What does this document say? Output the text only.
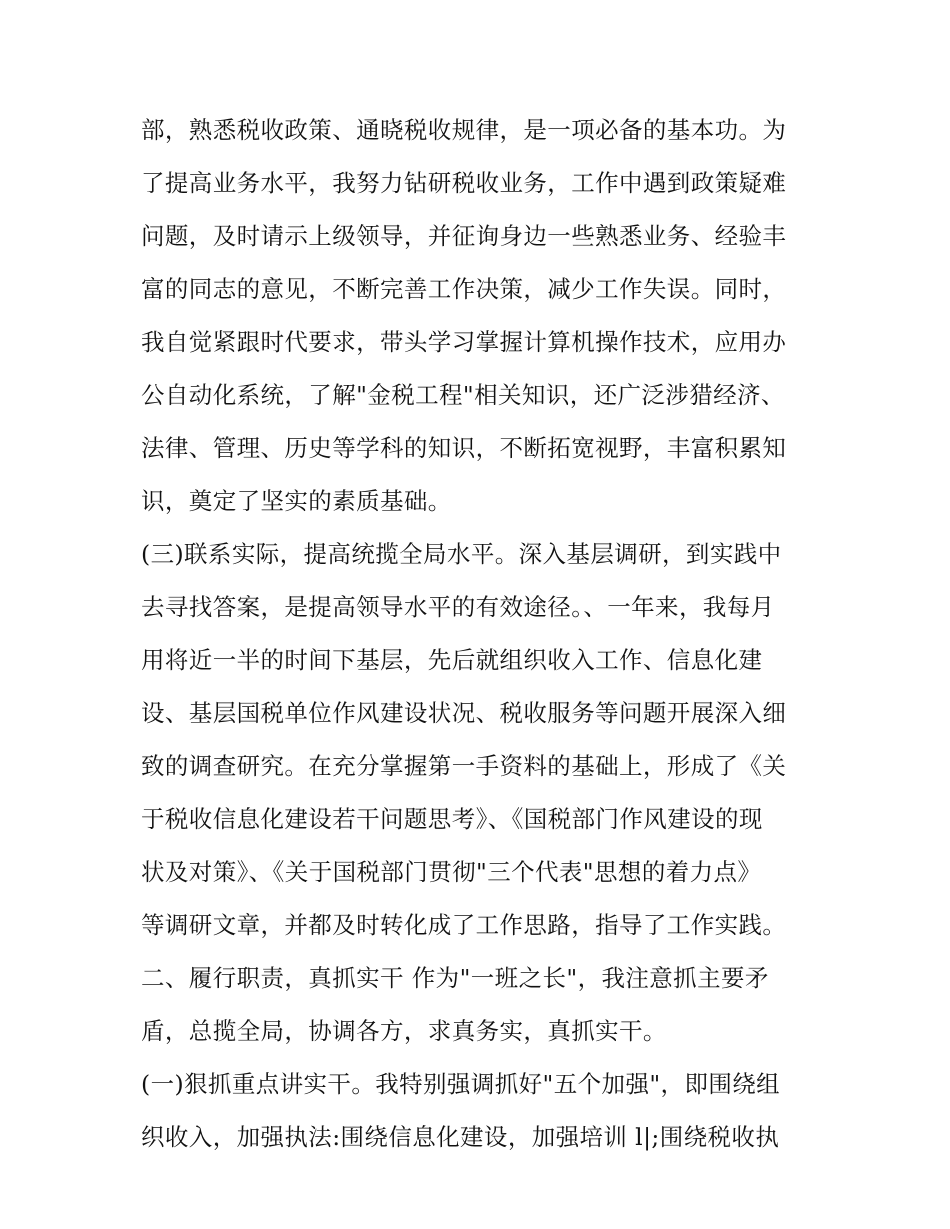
部，熟悉税收政策、通晓税收规律，是一项必备的基本功。为
了提高业务水平，我努力钻研税收业务，工作中遇到政策疑难
问题，及时请示上级领导，并征询身边一些熟悉业务、经验丰
富的同志的意见，不断完善工作决策，减少工作失误。同时，
我自觉紧跟时代要求，带头学习掌握计算机操作技术，应用办
公自动化系统，了解"金税工程"相关知识，还广泛涉猎经济、
法律、管理、历史等学科的知识，不断拓宽视野，丰富积累知
识，奠定了坚实的素质基础。
(三)联系实际，提高统揽全局水平。深入基层调研，到实践中
去寻找答案，是提高领导水平的有效途径。、一年来，我每月
用将近一半的时间下基层，先后就组织收入工作、信息化建
设、基层国税单位作风建设状况、税收服务等问题开展深入细
致的调查研究。在充分掌握第一手资料的基础上，形成了《关
于税收信息化建设若干问题思考》、《国税部门作风建设的现
状及对策》、《关于国税部门贯彻"三个代表"思想的着力点》
等调研文章，并都及时转化成了工作思路，指导了工作实践。
二、履行职责，真抓实干 作为"一班之长"，我注意抓主要矛
盾，总揽全局，协调各方，求真务实，真抓实干。
(一)狠抓重点讲实干。我特别强调抓好"五个加强"，即围绕组
织收入，加强执法:围绕信息化建设，加强培训 l|;围绕税收执
